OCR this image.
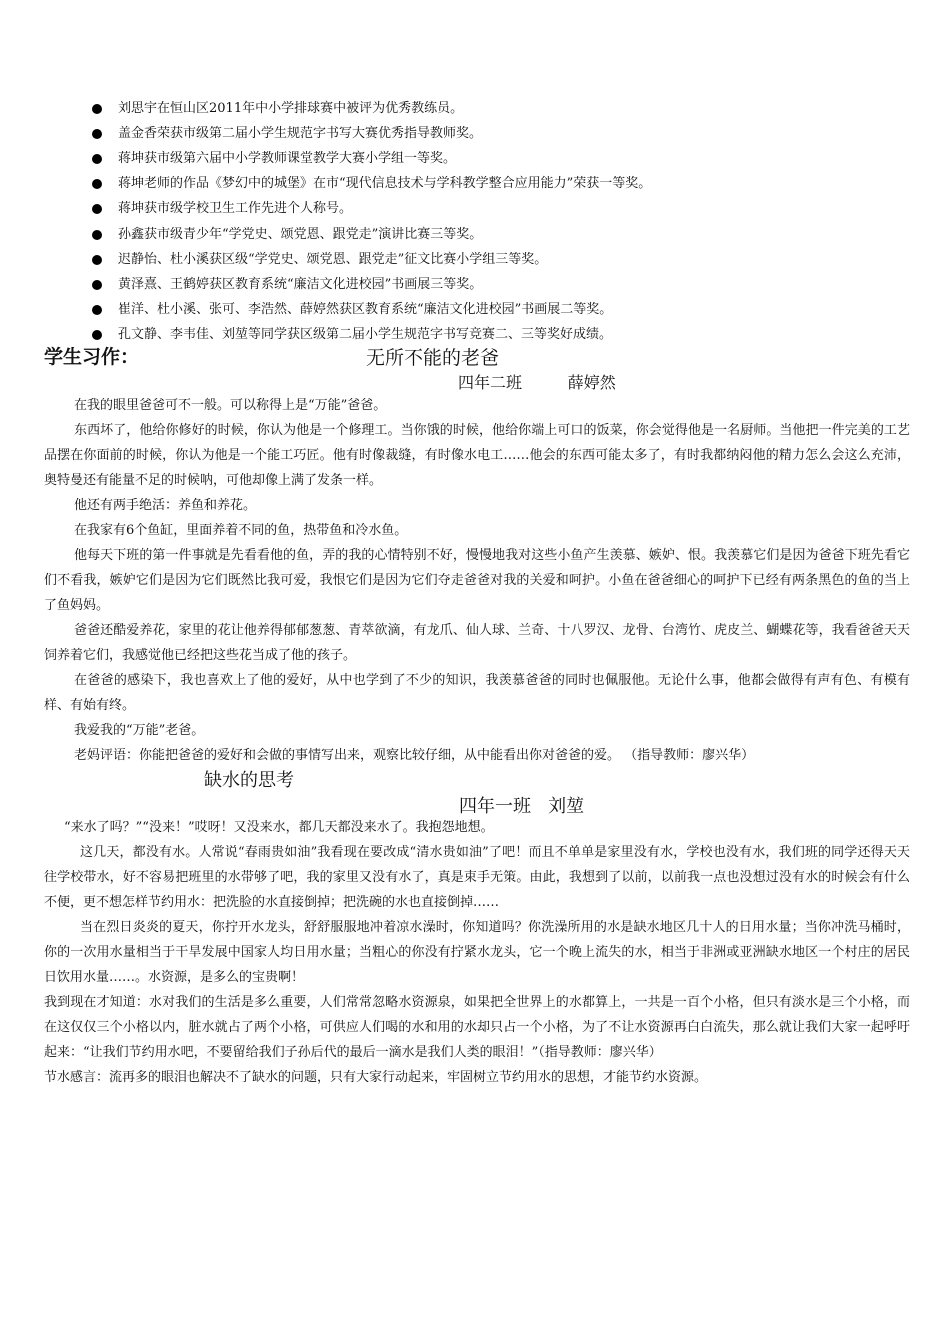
刘思宇在恒山区2011年中小学排球赛中被评为优秀教练员。
盖金香荣获市级第二届小学生规范字书写大赛优秀指导教师奖。
蒋坤获市级第六届中小学教师课堂教学大赛小学组一等奖。
蒋坤老师的作品《梦幻中的城堡》在市“现代信息技术与学科教学整合应用能力”荣获一等奖。
蒋坤获市级学校卫生工作先进个人称号。
孙鑫获市级青少年“学党史、颂党恩、跟党走”演讲比赛三等奖。
迟静怡、杜小溪获区级“学党史、颂党恩、跟党走”征文比赛小学组三等奖。
黄泽熹、王鹤婷获区教育系统“廉洁文化进校园”书画展三等奖。
崔洋、杜小溪、张可、李浩然、薛婷然获区教育系统“廉洁文化进校园”书画展二等奖。
孔文静、李韦佳、刘堃等同学获区级第二届小学生规范字书写竞赛二、三等奖好成绩。
学生习作：	无所不能的老爸
四年二班         薛婷然

在我的眼里爸爸可不一般。可以称得上是“万能”爸爸。

东西坏了，他给你修好的时候，你认为他是一个修理工。当你饿的时候，他给你端上可口的饭菜，你会觉得他是一名厨师。当他把一件完美的工艺品摆在你面前的时候，你认为他是一个能工巧匠。他有时像裁缝，有时像水电工……他会的东西可能太多了，有时我都纳闷他的精力怎么会这么充沛，奥特曼还有能量不足的时候呐，可他却像上满了发条一样。

他还有两手绝活：养鱼和养花。

在我家有6个鱼缸，里面养着不同的鱼，热带鱼和冷水鱼。

他每天下班的第一件事就是先看看他的鱼，弄的我的心情特别不好，慢慢地我对这些小鱼产生羡慕、嫉妒、恨。我羡慕它们是因为爸爸下班先看它们不看我，嫉妒它们是因为它们既然比我可爱，我恨它们是因为它们夺走爸爸对我的关爱和呵护。小鱼在爸爸细心的呵护下已经有两条黑色的鱼的当上了鱼妈妈。

爸爸还酷爱养花，家里的花让他养得郁郁葱葱、青萃欲滴，有龙爪、仙人球、兰奇、十八罗汉、龙骨、台湾竹、虎皮兰、蝴蝶花等，我看爸爸天天饲养着它们，我感觉他已经把这些花当成了他的孩子。

在爸爸的感染下，我也喜欢上了他的爱好，从中也学到了不少的知识，我羡慕爸爸的同时也佩服他。无论什么事，他都会做得有声有色、有模有样、有始有终。

我爱我的“万能”老爸。

老妈评语：你能把爸爸的爱好和会做的事情写出来，观察比较仔细，从中能看出你对爸爸的爱。 （指导教师：廖兴华）

缺水的思考
四年一班   刘堃

“来水了吗？”“没来！”哎呀！又没来水，都几天都没来水了。我抱怨地想。

这几天，都没有水。人常说“春雨贵如油”我看现在要改成“清水贵如油”了吧！而且不单单是家里没有水，学校也没有水，我们班的同学还得天天往学校带水，好不容易把班里的水带够了吧，我的家里又没有水了，真是束手无策。由此，我想到了以前，以前我一点也没想过没有水的时候会有什么不便，更不想怎样节约用水：把洗脸的水直接倒掉；把洗碗的水也直接倒掉……

当在烈日炎炎的夏天，你拧开水龙头，舒舒服服地冲着凉水澡时，你知道吗？你洗澡所用的水是缺水地区几十人的日用水量；当你冲洗马桶时，你的一次用水量相当于干旱发展中国家人均日用水量；当粗心的你没有拧紧水龙头，它一个晚上流失的水，相当于非洲或亚洲缺水地区一个村庄的居民日饮用水量……。水资源，是多么的宝贵啊！

我到现在才知道：水对我们的生活是多么重要，人们常常忽略水资源泉，如果把全世界上的水都算上，一共是一百个小格，但只有淡水是三个小格，而在这仅仅三个小格以内，脏水就占了两个小格，可供应人们喝的水和用的水却只占一个小格，为了不让水资源再白白流失，那么就让我们大家一起呼吁起来：“让我们节约用水吧，不要留给我们子孙后代的最后一滴水是我们人类的眼泪！”（指导教师：廖兴华）

节水感言：流再多的眼泪也解决不了缺水的问题，只有大家行动起来，牢固树立节约用水的思想，才能节约水资源。
